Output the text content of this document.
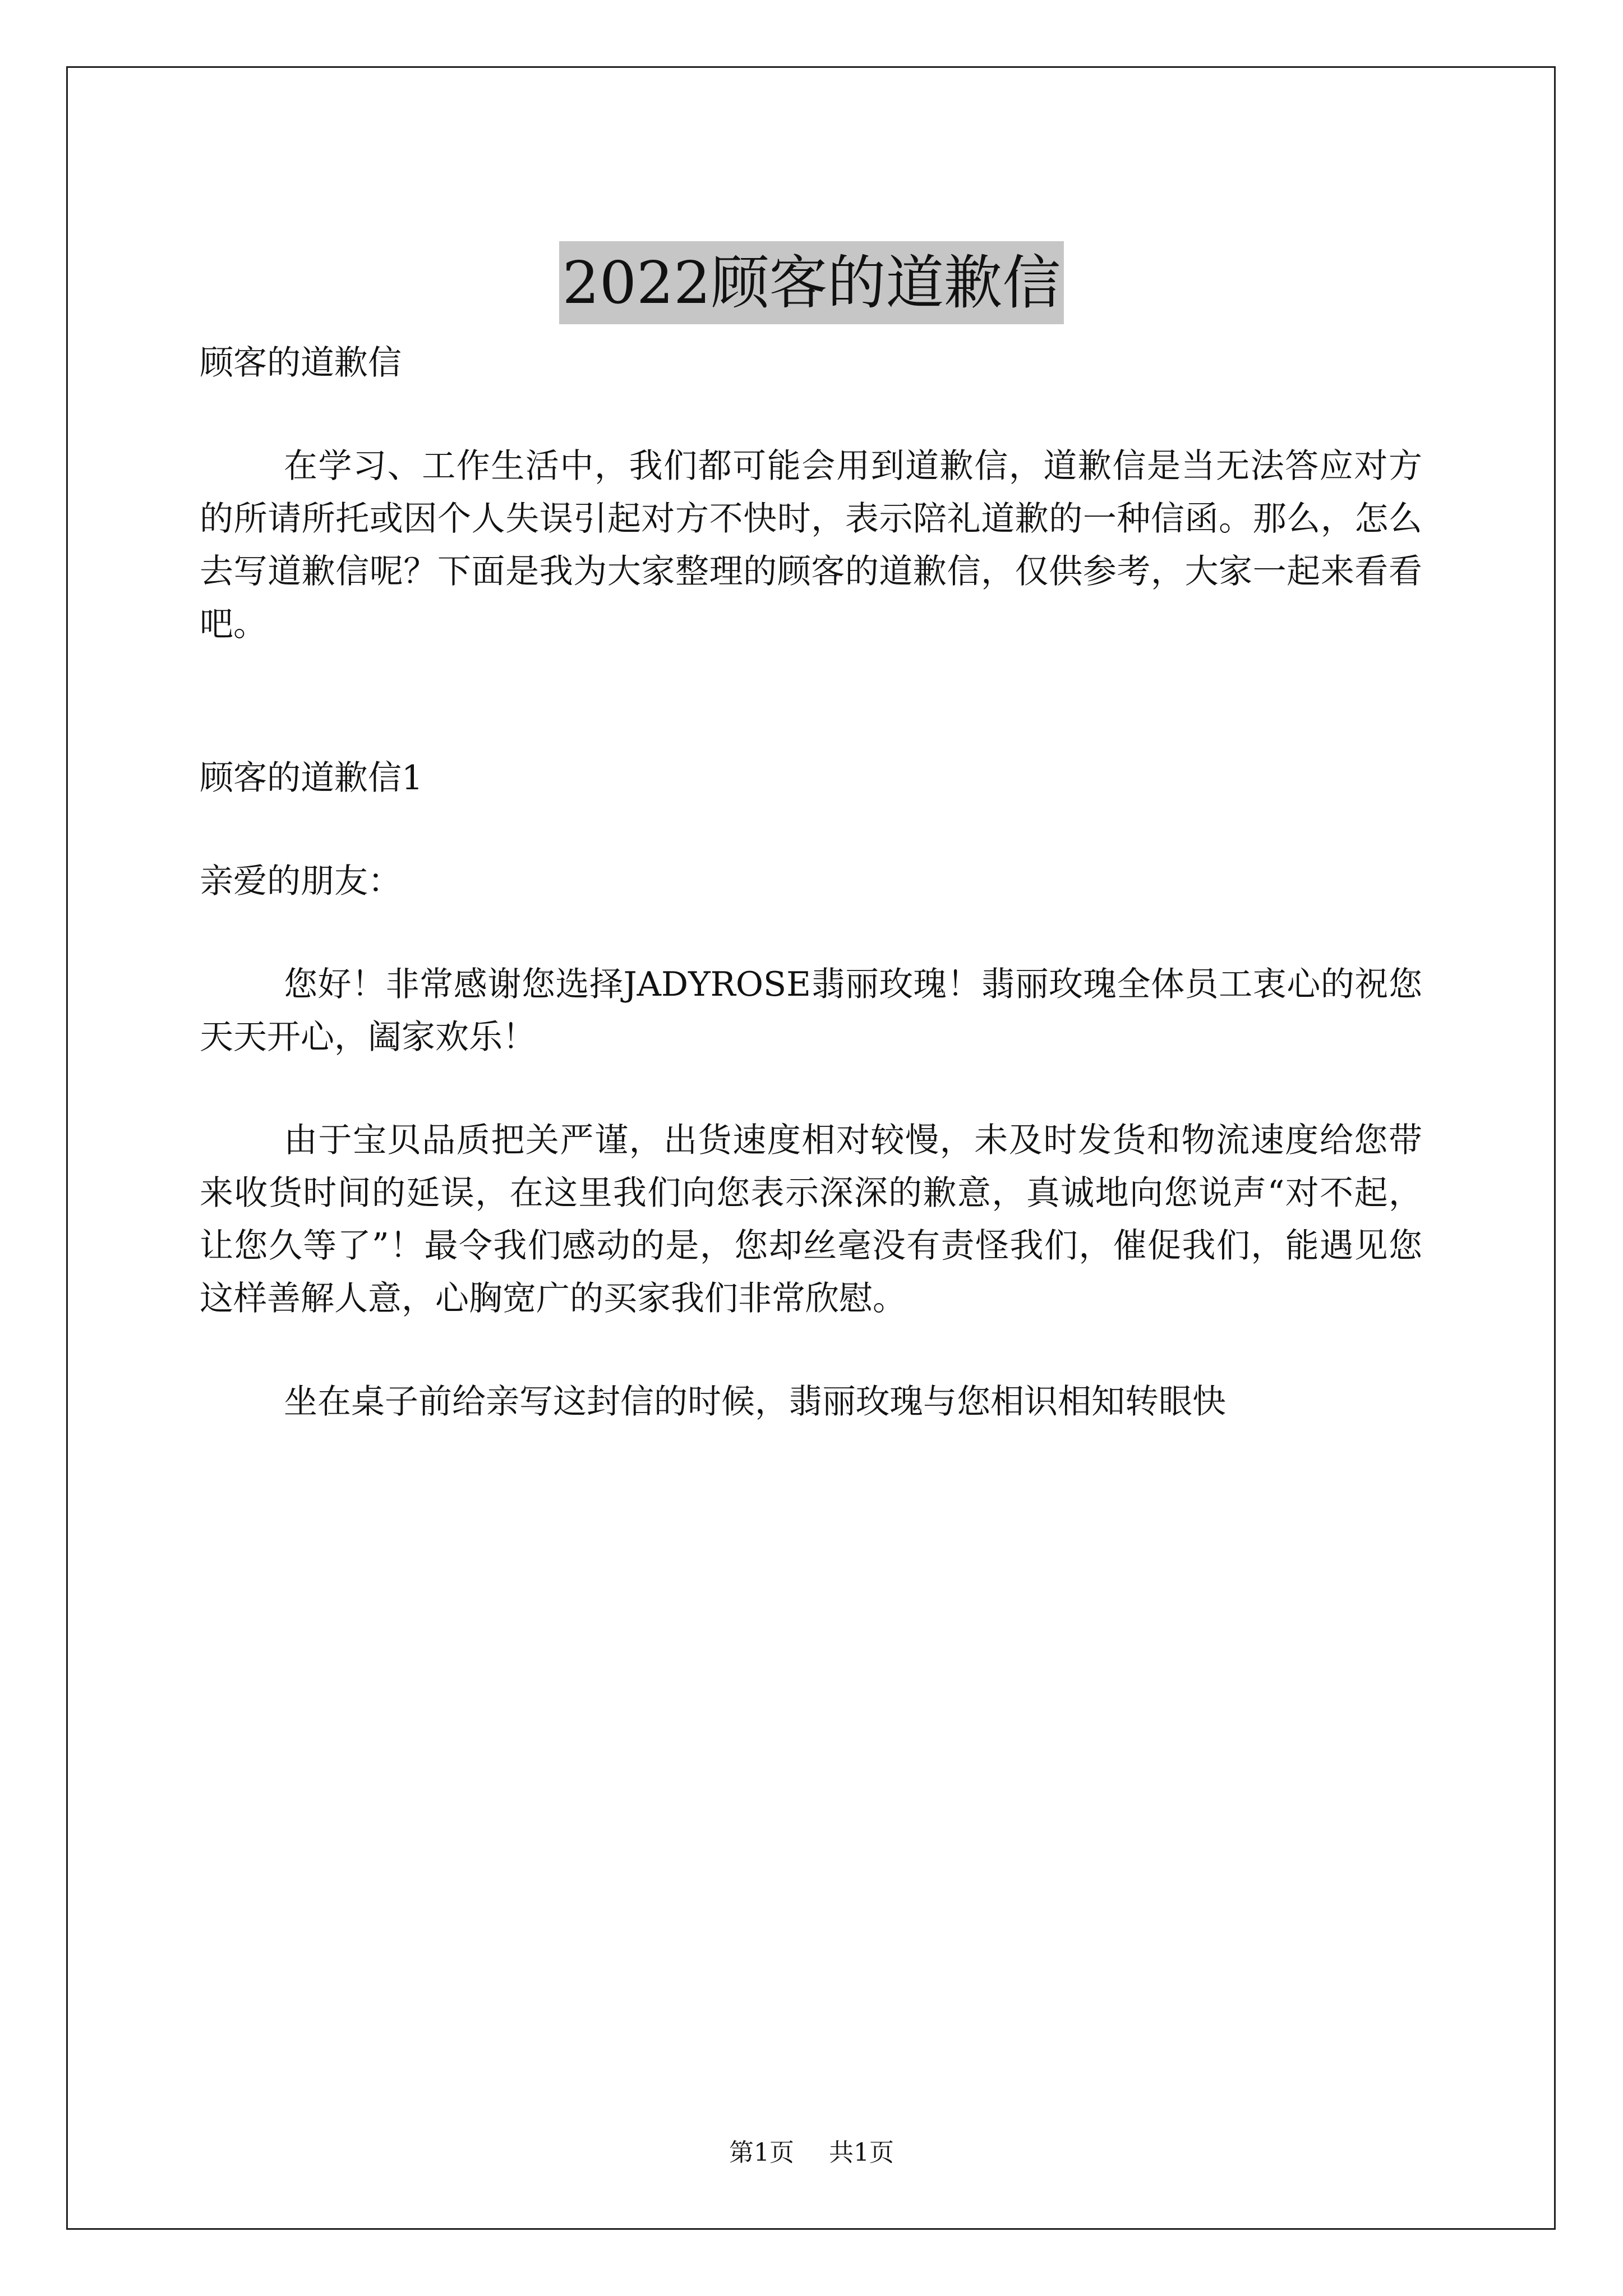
2022顾客的道歉信

顾客的道歉信

在学习、工作生活中，我们都可能会用到道歉信，道歉信是当无法答应对方的所请所托或因个人失误引起对方不快时，表示陪礼道歉的一种信函。那么，怎么去写道歉信呢？下面是我为大家整理的顾客的道歉信，仅供参考，大家一起来看看吧。

顾客的道歉信1

亲爱的朋友：

您好！非常感谢您选择JADYROSE翡丽玫瑰！翡丽玫瑰全体员工衷心的祝您天天开心，阖家欢乐！

由于宝贝品质把关严谨，出货速度相对较慢，未及时发货和物流速度给您带来收货时间的延误，在这里我们向您表示深深的歉意，真诚地向您说声“对不起，让您久等了”！最令我们感动的是，您却丝毫没有责怪我们，催促我们，能遇见您这样善解人意，心胸宽广的买家我们非常欣慰。

坐在桌子前给亲写这封信的时候，翡丽玫瑰与您相识相知转眼快

第1页 共1页
